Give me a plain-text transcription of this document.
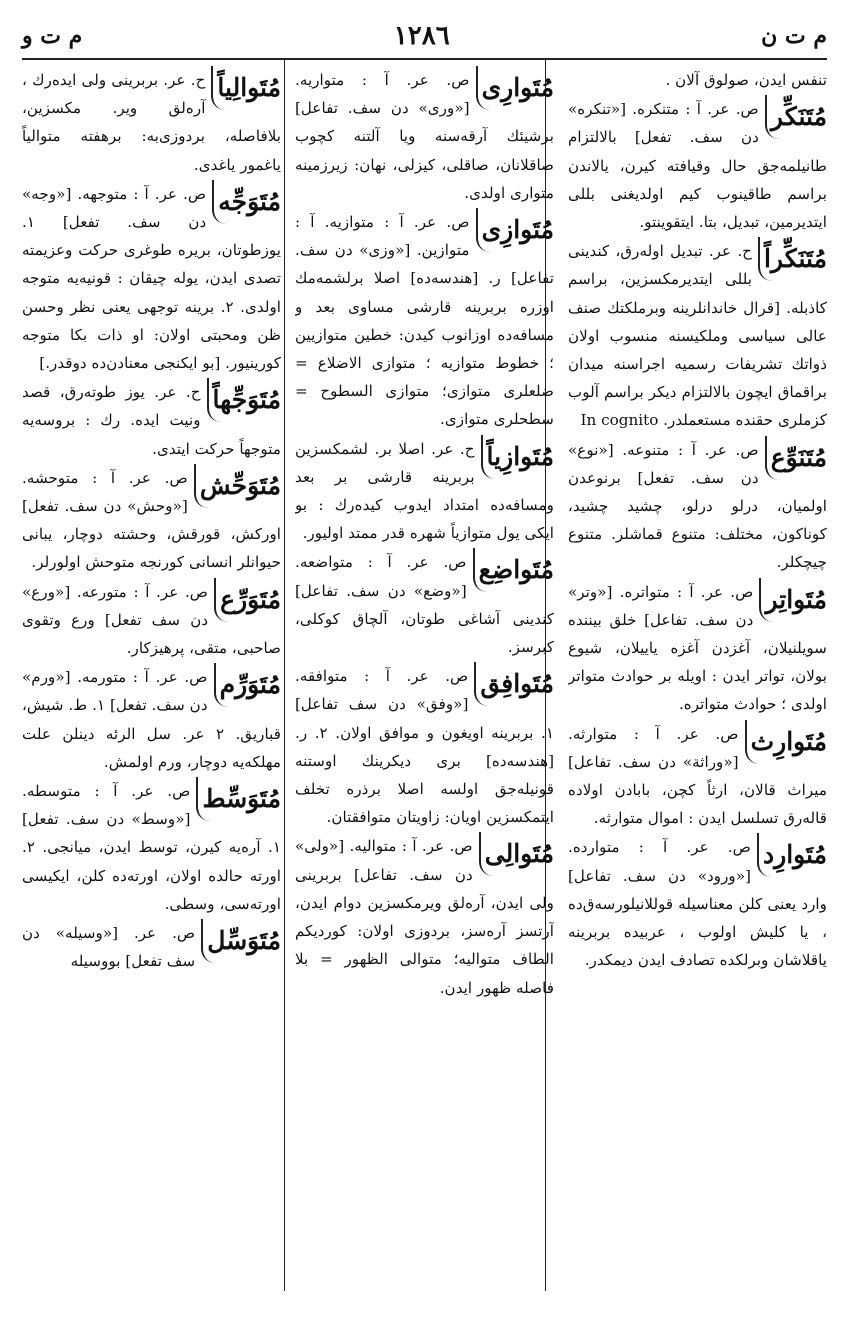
م ت و	١٢٨٦	م ت ن
تنفس ایدن، صولوق آلان .
مُتَنَکِّر
ص. عر. آ : متنکره. [«تنکره» دن سف. تفعل] بالالتزام طانیلمه‌جق حال وقیافته کیرن، یالاندن براسم طاقینوب کیم اولدیغنی بللی ایتدیرمین، تبدیل، بتا. ایتقوینتو.
مُتَنَکِّراً
ح. عر. تبدیل اوله‌رق، کندینی بللی ایتدیرمکسزین، براسم کاذبله. [قرال خاندانلرینه وبرملکتك صنف عالی سیاسی وملکیسنه منسوب اولان ذواتك تشریفات رسمیه اجراسنه میدان براقماق ایچون بالالتزام دیکر براسم آلوب کزملری حقنده مستعملدر. In cognito
مُتَنَوِّع
ص. عر. آ : متنوعه. [«نوع» دن سف. تفعل] برنوعدن اولمیان، درلو درلو، چشید چشید، کوناکون، مختلف: متنوع قماشلر. متنوع چیچکلر.
مُتَواتِر
ص. عر. آ : متواتره. [«وتر» دن سف. تفاعل] خلق بیننده سویلنیلان، آغزدن آغزه یاییلان، شیوع بولان، تواتر ایدن : اویله بر حوادث متواتر اولدی ؛ حوادث متواتره.
مُتَوارِث
ص. عر. آ : متوارثه. [«وراثة» دن سف. تفاعل] میراث قالان، ارثاً کچن، بابادن اولاده قالەرق تسلسل ایدن : اموال متوارثه.
مُتَوارِد
ص. عر. آ : متوارده. [«ورود» دن سف. تفاعل] وارد یعنی کلن معناسیله قوللانیلورسەق‌ده ، یا کلیش اولوب ، عربیده بربرینه یاقلاشان وبرلکده تصادف ایدن دیمکدر.
مُتَوارِی
ص. عر. آ : متواریه. [«وری» دن سف. تفاعل] برشیئك آرقه‌سنه ویا آلتنه کچوب صاقلانان، صاقلی، کیزلی، نهان: زیرزمینه متواری اولدی.
مُتَوازِی
ص. عر. آ : متوازیه. آ : متوازین. [«وزی» دن سف. تفاعل] ر. [هندسه‌ده] اصلا برلشمه‌مك اوزره بربرینه قارشی مساوی بعد و مسافه‌ده اوزانوب کیدن: خطین متوازیین ؛ خطوط متوازیه ؛ متوازی الاضلاع = ضلعلری متوازی؛ متوازی السطوح = سطحلری متوازی.
مُتَوازِیاً
ح. عر. اصلا بر. لشمکسزین بربرینه قارشی بر بعد ومسافه‌ده امتداد ایدوب کیدەرك : بو ایکی یول متوازیاً شهره قدر ممتد اولیور.
مُتَواضِع
ص. عر. آ : متواضعه. [«وضع» دن سف. تفاعل] کندینی آشاغی طوتان، آلچاق کوکلی، کبرسز.
مُتَوافِق
ص. عر. آ : متوافقه. [«وفق» دن سف تفاعل] ۱. بربرینه اویغون و موافق اولان. ۲. ر. [هندسه‌ده] بری دیکرینك اوستنه قونیله‌جق اولسه اصلا برذره تخلف ایتمکسزین اویان: زاویتان متوافقتان.
مُتَوالِی
ص. عر. آ : متوالیه. [«ولی» دن سف. تفاعل] بربرینی ولی ایدن، آره‌لق ویرمکسزین دوام ایدن، آرتسز آره‌سز، بردوزی اولان: کوردیکم الطاف متوالیه؛ متوالی الظهور = بلا فاصله ظهور ایدن.
مُتَوالِیاً
ح. عر. بربرینی ولی ایده‌رك ، آره‌لق ویر. مکسزین، بلافاصله، بردوزی‌به: برهفته متوالیاً یاغمور یاغدی.
مُتَوَجِّه
ص. عر. آ : متوجهه. [«وجه» دن سف. تفعل] ۱. یوزطوتان، بریره طوغری حرکت وعزیمته تصدی ایدن، یوله چیقان : قونیه‌یه متوجه اولدی. ۲. برینه توجهی یعنی نظر وحسن ظن ومحبتی اولان: او ذات بکا متوجه کورینیور. [بو ایکنجی معنادن‌ده‌ دوقدر.]
مُتَوَجِّهاً
ح. عر. یوز طوته‌رق، قصد ونیت ایده. رك : بروسه‌یه متوجهاً حرکت ایتدی.
مُتَوَحِّش
ص. عر. آ : متوحشه. [«وحش» دن سف. تفعل] اورکش، قورقش، وحشته دوچار، یبانی حیوانلر انسانی کورنجه متوحش اولورلر.
مُتَوَرِّع
ص. عر. آ : متورعه. [«ورع» دن سف تفعل] ورع وتقوی صاحبی، متقی، پرهیزکار.
مُتَوَرِّم
ص. عر. آ : متورمه. [«ورم» دن سف. تفعل] ۱. ط. شیش، قباریق. ۲ عر. سل الرئه دینلن علت مهلکه‌یه دوچار، ورم اولمش.
مُتَوَسِّط
ص. عر. آ : متوسطه. [«وسط» دن سف. تفعل] ۱. آره‌یه کیرن، توسط ایدن، میانجی. ۲. اورته حالده اولان، اورته‌ده کلن، ایکیسی اورته‌سی، وسطی.
مُتَوَسِّل
ص. عر. [«وسیله» دن سف تفعل] بووسیله
